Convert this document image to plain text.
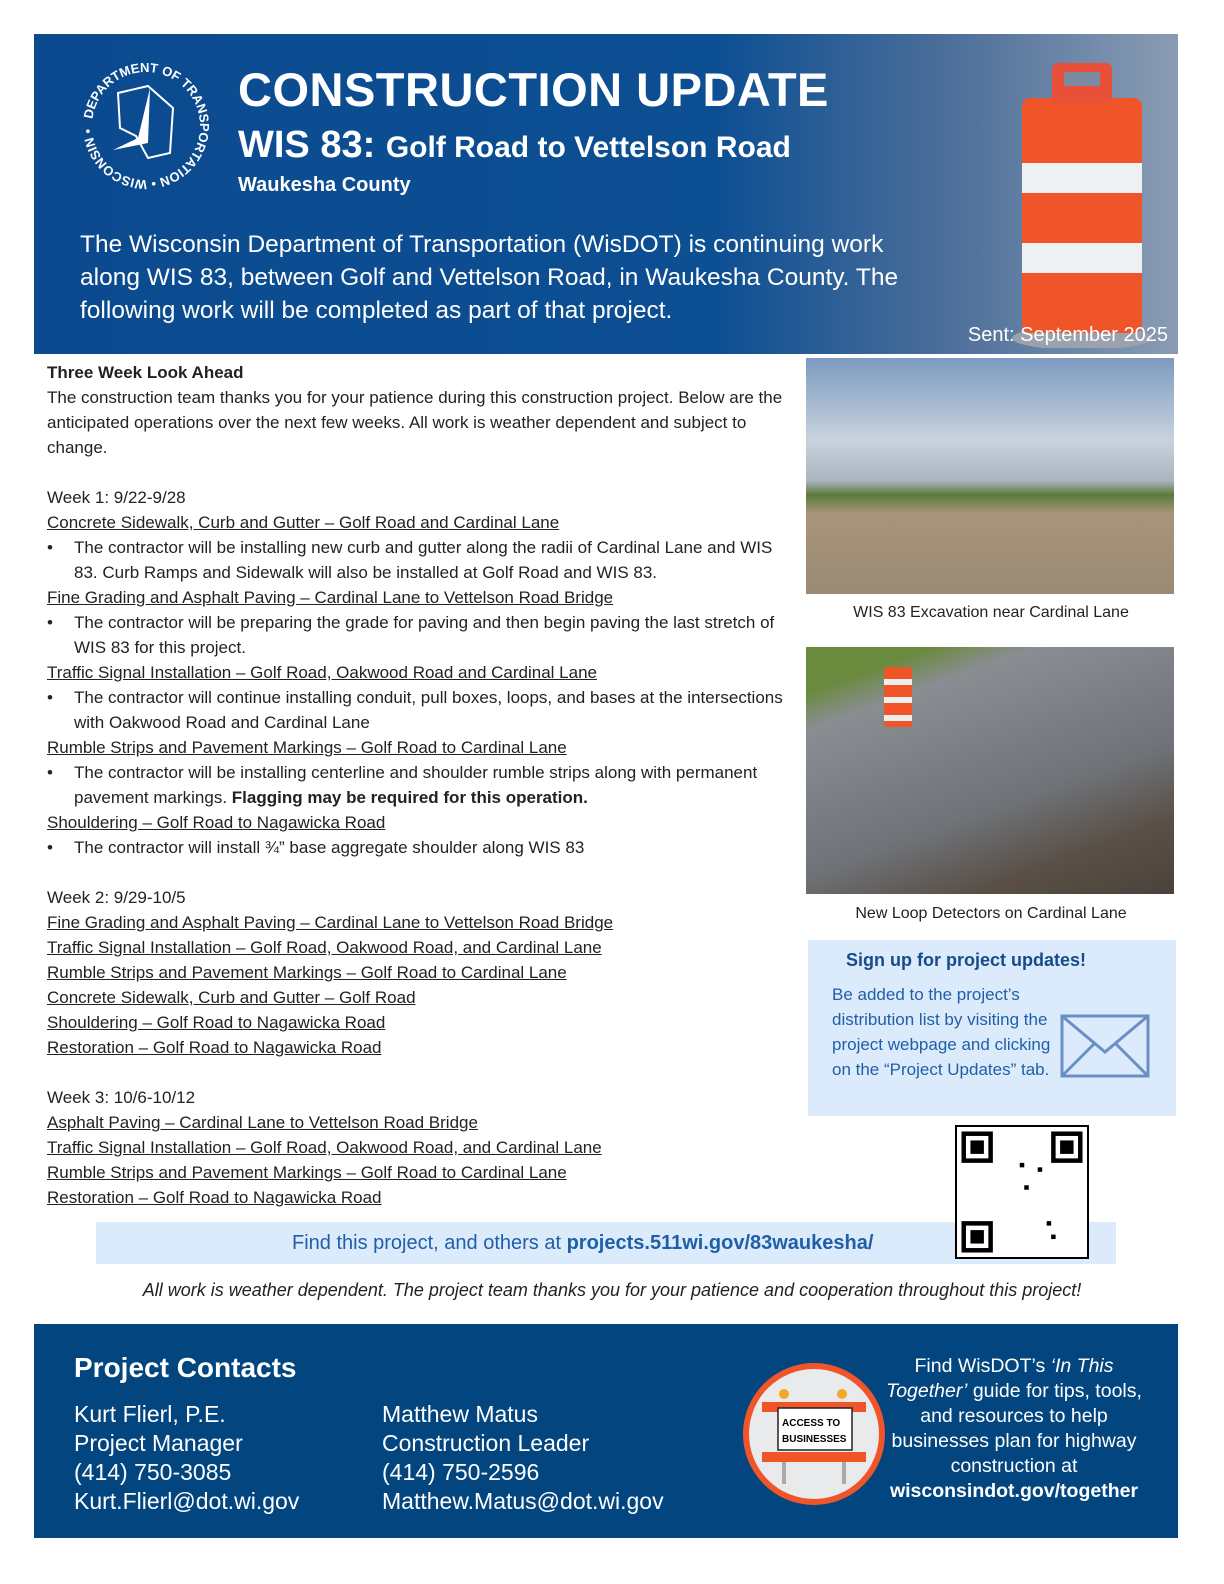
DEPARTMENT OF TRANSPORTATION • WISCONSIN •
CONSTRUCTION UPDATE
WIS 83: Golf Road to Vettelson Road
Waukesha County
The Wisconsin Department of Transportation (WisDOT) is continuing work along WIS 83, between Golf and Vettelson Road, in Waukesha County. The following work will be completed as part of that project.
Sent: September 2025
Three Week Look Ahead
The construction team thanks you for your patience during this construction project. Below are the anticipated operations over the next few weeks. All work is weather dependent and subject to change.
Week 1: 9/22-9/28
Concrete Sidewalk, Curb and Gutter – Golf Road and Cardinal Lane
• The contractor will be installing new curb and gutter along the radii of Cardinal Lane and WIS 83. Curb Ramps and Sidewalk will also be installed at Golf Road and WIS 83.
Fine Grading and Asphalt Paving – Cardinal Lane to Vettelson Road Bridge
• The contractor will be preparing the grade for paving and then begin paving the last stretch of WIS 83 for this project.
Traffic Signal Installation – Golf Road, Oakwood Road and Cardinal Lane
• The contractor will continue installing conduit, pull boxes, loops, and bases at the intersections with Oakwood Road and Cardinal Lane
Rumble Strips and Pavement Markings – Golf Road to Cardinal Lane
• The contractor will be installing centerline and shoulder rumble strips along with permanent pavement markings. Flagging may be required for this operation.
Shouldering – Golf Road to Nagawicka Road
• The contractor will install ¾” base aggregate shoulder along WIS 83
Week 2: 9/29-10/5
Fine Grading and Asphalt Paving – Cardinal Lane to Vettelson Road Bridge
Traffic Signal Installation – Golf Road, Oakwood Road, and Cardinal Lane
Rumble Strips and Pavement Markings – Golf Road to Cardinal Lane
Concrete Sidewalk, Curb and Gutter – Golf Road
Shouldering – Golf Road to Nagawicka Road
Restoration – Golf Road to Nagawicka Road
Week 3: 10/6-10/12
Asphalt Paving – Cardinal Lane to Vettelson Road Bridge
Traffic Signal Installation – Golf Road, Oakwood Road, and Cardinal Lane
Rumble Strips and Pavement Markings – Golf Road to Cardinal Lane
Restoration – Golf Road to Nagawicka Road
WIS 83 Excavation near Cardinal Lane
New Loop Detectors on Cardinal Lane
Sign up for project updates!

Be added to the project’s distribution list by visiting the project webpage and clicking on the “Project Updates” tab.

Find this project, and others at projects.511wi.gov/83waukesha/
All work is weather dependent. The project team thanks you for your patience and cooperation throughout this project!
Project Contacts
Kurt Flierl, P.E.
Project Manager
(414) 750-3085
Kurt.Flierl@dot.wi.gov
Matthew Matus
Construction Leader
(414) 750-2596
Matthew.Matus@dot.wi.gov
ACCESS TO
BUSINESSES
Find WisDOT’s ‘In This Together’ guide for tips, tools, and resources to help businesses plan for highway construction at
wisconsindot.gov/together
